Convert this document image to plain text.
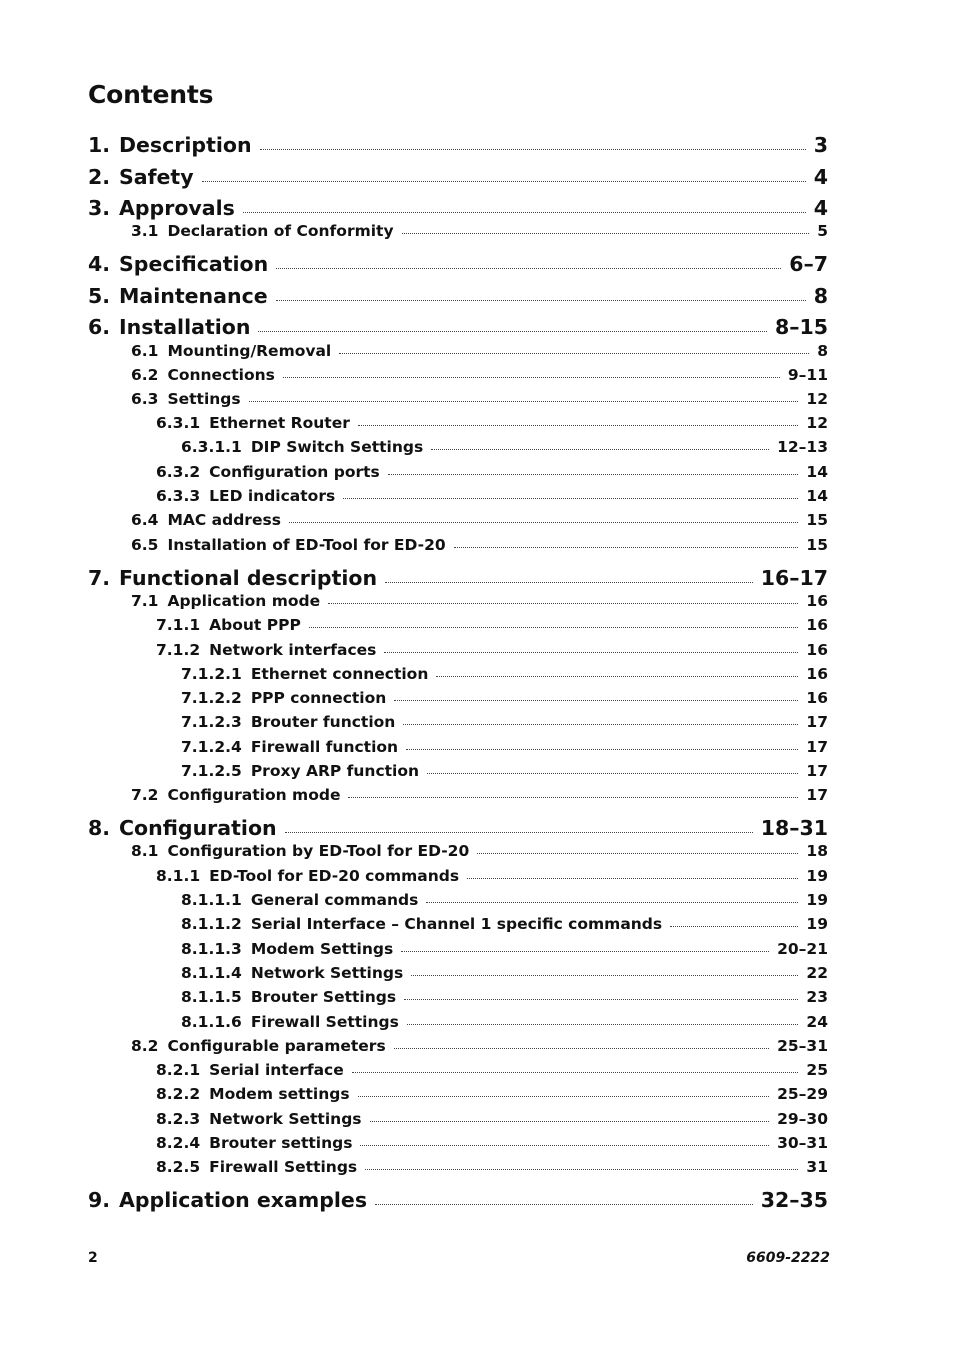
Contents
1. Description	3
2. Safety	4
3. Approvals	4
3.1 Declaration of Conformity	5
4. Specification	6–7
5. Maintenance	8
6. Installation	8–15
6.1 Mounting/Removal	8
6.2 Connections	9–11
6.3 Settings	12
6.3.1 Ethernet Router	12
6.3.1.1 DIP Switch Settings	12–13
6.3.2 Configuration ports	14
6.3.3 LED indicators	14
6.4 MAC address	15
6.5 Installation of ED-Tool for ED-20	15
7. Functional description	16–17
7.1 Application mode	16
7.1.1 About PPP	16
7.1.2 Network interfaces	16
7.1.2.1 Ethernet connection	16
7.1.2.2 PPP connection	16
7.1.2.3 Brouter function	17
7.1.2.4 Firewall function	17
7.1.2.5 Proxy ARP function	17
7.2 Configuration mode	17
8. Configuration	18–31
8.1 Configuration by ED-Tool for ED-20	18
8.1.1 ED-Tool for ED-20 commands	19
8.1.1.1 General commands	19
8.1.1.2 Serial Interface – Channel 1 specific commands	19
8.1.1.3 Modem Settings	20–21
8.1.1.4 Network Settings	22
8.1.1.5 Brouter Settings	23
8.1.1.6 Firewall Settings	24
8.2 Configurable parameters	25–31
8.2.1 Serial interface	25
8.2.2 Modem settings	25–29
8.2.3 Network Settings	29–30
8.2.4 Brouter settings	30–31
8.2.5 Firewall Settings	31
9. Application examples	32–35
2	6609-2222
